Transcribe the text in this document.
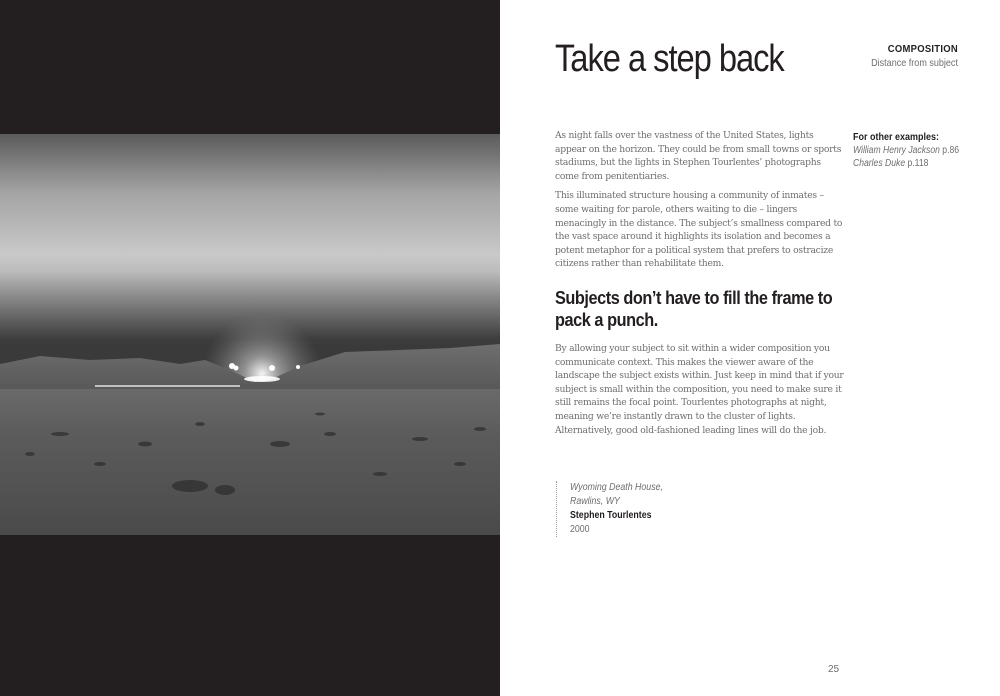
Take a step back	COMPOSITION
Distance from subject

As night falls over the vastness of the United States, lights appear on the horizon. They could be from small towns or sports stadiums, but the lights in Stephen Tourlentes’ photographs come from penitentiaries.

This illuminated structure housing a community of inmates – some waiting for parole, others waiting to die – lingers menacingly in the distance. The subject’s smallness compared to the vast space around it highlights its isolation and becomes a potent metaphor for a political system that prefers to ostracize citizens rather than rehabilitate them.

Subjects don’t have to fill the frame to pack a punch.

By allowing your subject to sit within a wider composition you communicate context. This makes the viewer aware of the landscape the subject exists within. Just keep in mind that if your subject is small within the composition, you need to make sure it still remains the focal point. Tourlentes photographs at night, meaning we’re instantly drawn to the cluster of lights. Alternatively, good old-fashioned leading lines will do the job.

Wyoming Death House,
Rawlins, WY
Stephen Tourlentes
2000
For other examples:
William Henry Jackson p.86
Charles Duke p.118
25
